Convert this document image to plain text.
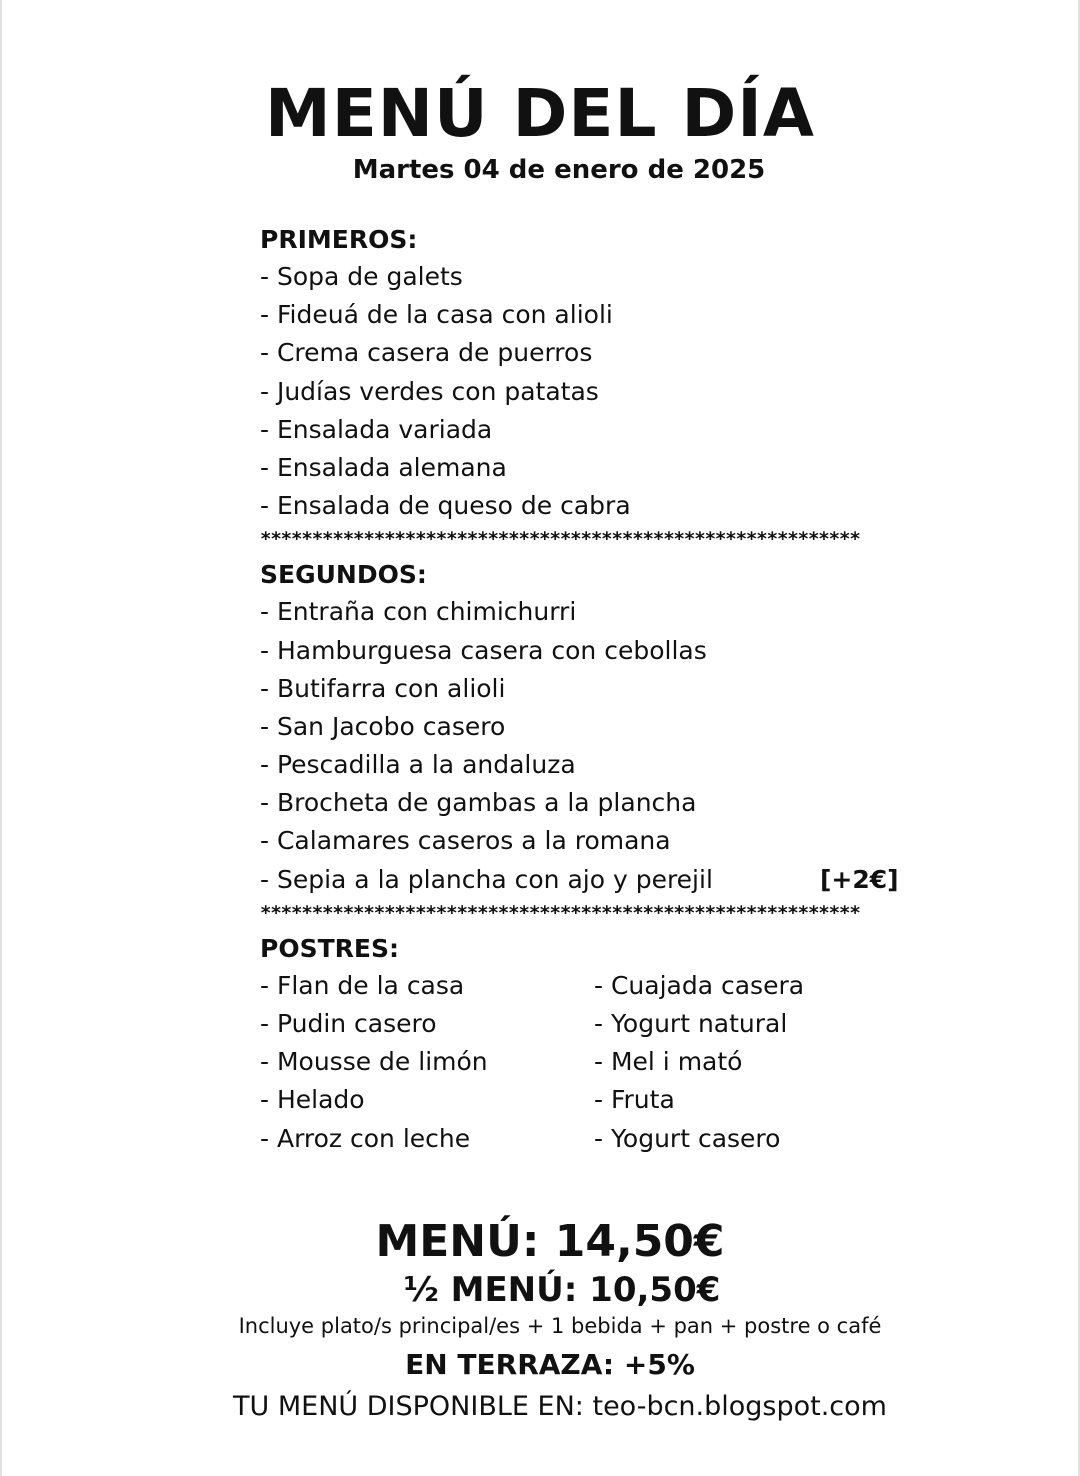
MENÚ DEL DÍA
Martes 04 de enero de 2025
PRIMEROS:
- Sopa de galets
- Fideuá de la casa con alioli
- Crema casera de puerros
- Judías verdes con patatas
- Ensalada variada
- Ensalada alemana
- Ensalada de queso de cabra
**********************************************************
SEGUNDOS:
- Entraña con chimichurri
- Hamburguesa casera con cebollas
- Butifarra con alioli
- San Jacobo casero
- Pescadilla a la andaluza
- Brocheta de gambas a la plancha
- Calamares caseros a la romana
- Sepia a la plancha con ajo y perejil	[+2€]
**********************************************************
POSTRES:
- Flan de la casa
- Pudin casero
- Mousse de limón
- Helado
- Arroz con leche
- Cuajada casera
- Yogurt natural
- Mel i mató
- Fruta
- Yogurt casero
MENÚ: 14,50€
½ MENÚ: 10,50€
Incluye plato/s principal/es + 1 bebida + pan + postre o café
EN TERRAZA: +5%
TU MENÚ DISPONIBLE EN: teo-bcn.blogspot.com
